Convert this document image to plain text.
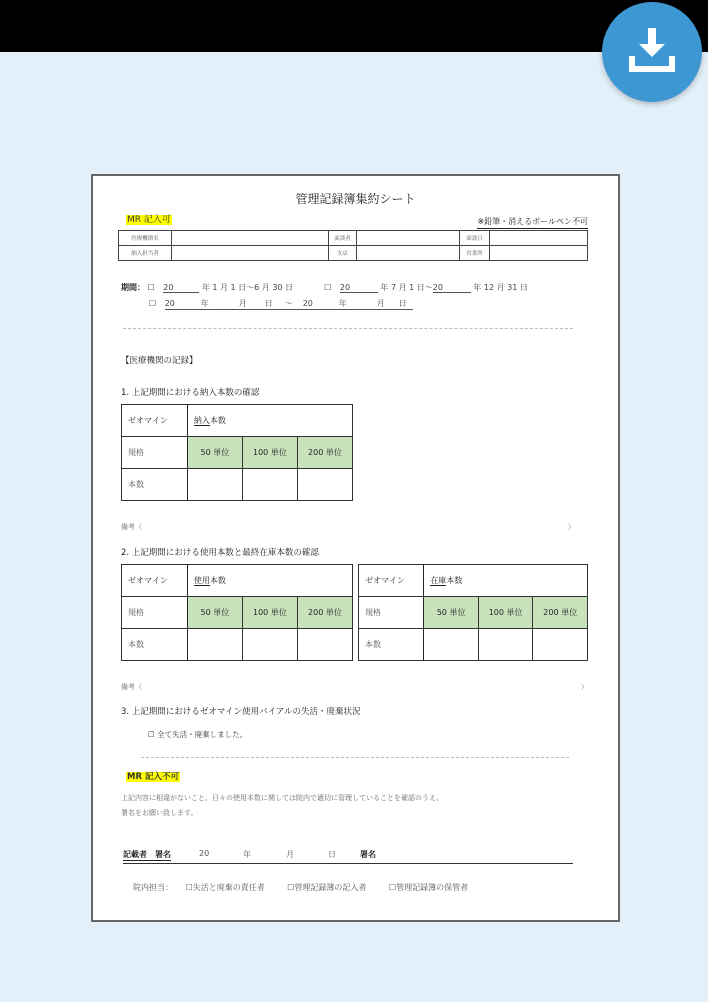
管理記録簿集約シート
MR 記入可	※鉛筆・消えるボールペン不可
医療機関名		面談者		面談日	
納入担当者		支店		営業所	
期間： ☐ 20	年 1 月 1 日〜6 月 30 日	☐ 20	年 7 月 1 日〜20	年 12 月 31 日
☐ 20	年	月 日 〜 20	年	月 日
【医療機関の記録】
1. 上記期間における納入本数の確認
ゼオマイン	納入本数		
規格	50 単位	100 単位	200 単位
本数			
備考（	）
2. 上記期間における使用本数と最終在庫本数の確認
ゼオマイン	使用本数		
規格	50 単位	100 単位	200 単位
本数			
ゼオマイン	在庫本数		
規格	50 単位	100 単位	200 単位
本数			
備考（	）
3. 上記期間におけるゼオマイン使用バイアルの失活・廃棄状況
☐ 全て失活・廃棄しました。
MR 記入不可
上記内容に相違がないこと、日々の使用本数に関しては院内で適切に管理していることを確認のうえ、
署名をお願い致します。
記載者　署名	20	年	月	日	署名
院内担当： ☐失活と廃棄の責任者	☐管理記録簿の記入者	☐管理記録簿の保管者
